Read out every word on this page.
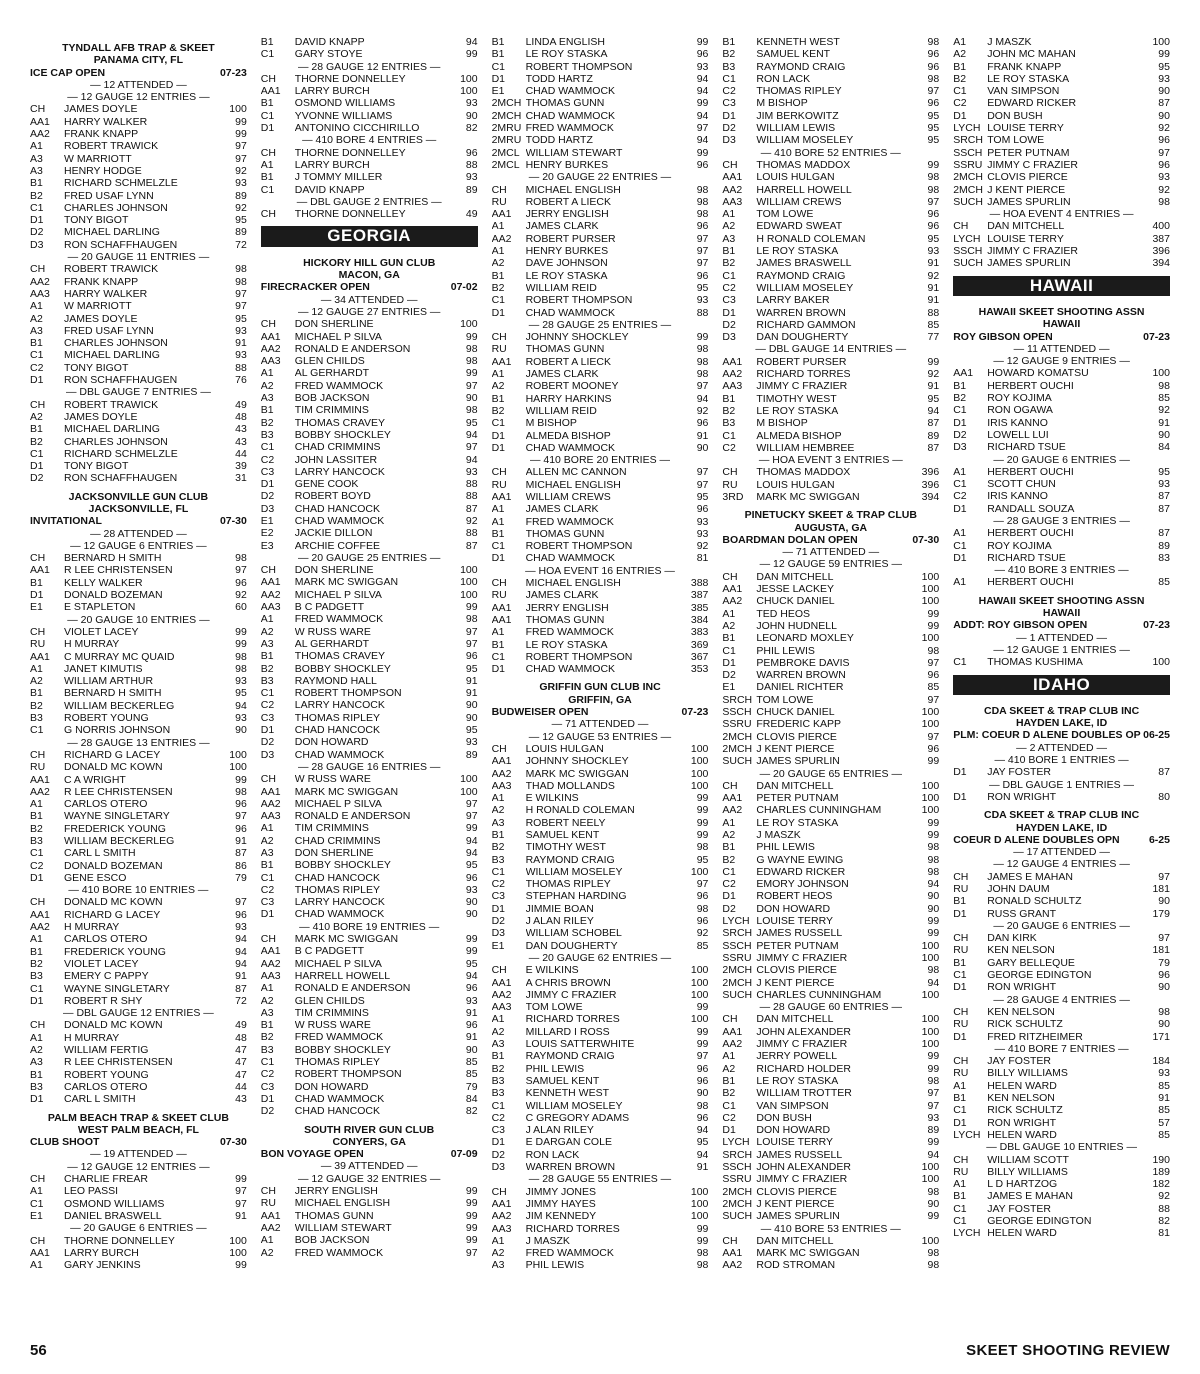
TYNDALL AFB TRAP & SKEET
PANAMA CITY, FL
ICE CAP OPEN	07-23
— 12 ATTENDED —
— 12 GAUGE 12 ENTRIES —
CH	JAMES DOYLE	100
AA1	HARRY WALKER	99
AA2	FRANK KNAPP	99
A1	ROBERT TRAWICK	97
A3	W MARRIOTT	97
A3	HENRY HODGE	92
B1	RICHARD SCHMELZLE	93
B2	FRED USAF LYNN	89
C1	CHARLES JOHNSON	92
D1	TONY BIGOT	95
D2	MICHAEL DARLING	89
D3	RON SCHAFFHAUGEN	72
— 20 GAUGE 11 ENTRIES —
CH	ROBERT TRAWICK	98
AA2	FRANK KNAPP	98
AA3	HARRY WALKER	97
A1	W MARRIOTT	97
A2	JAMES DOYLE	95
A3	FRED USAF LYNN	93
B1	CHARLES JOHNSON	91
C1	MICHAEL DARLING	93
C2	TONY BIGOT	88
D1	RON SCHAFFHAUGEN	76
— DBL GAUGE 7 ENTRIES —
CH	ROBERT TRAWICK	49
A2	JAMES DOYLE	48
B1	MICHAEL DARLING	43
B2	CHARLES JOHNSON	43
C1	RICHARD SCHMELZLE	44
D1	TONY BIGOT	39
D2	RON SCHAFFHAUGEN	31
JACKSONVILLE GUN CLUB
JACKSONVILLE, FL
INVITATIONAL	07-30
— 28 ATTENDED —
— 12 GAUGE 6 ENTRIES —
CH	BERNARD H SMITH	98
AA1	R LEE CHRISTENSEN	97
B1	KELLY WALKER	96
D1	DONALD BOZEMAN	92
E1	E STAPLETON	60
— 20 GAUGE 10 ENTRIES —
CH	VIOLET LACEY	99
RU	H MURRAY	99
AA1	C MURRAY MC QUAID	98
A1	JANET KIMUTIS	98
A2	WILLIAM ARTHUR	93
B1	BERNARD H SMITH	95
B2	WILLIAM BECKERLEG	94
B3	ROBERT YOUNG	93
C1	G NORRIS JOHNSON	90
— 28 GAUGE 13 ENTRIES —
CH	RICHARD G LACEY	100
RU	DONALD MC KOWN	100
AA1	C A WRIGHT	99
AA2	R LEE CHRISTENSEN	98
A1	CARLOS OTERO	96
B1	WAYNE SINGLETARY	97
B2	FREDERICK YOUNG	96
B3	WILLIAM BECKERLEG	91
C1	CARL L SMITH	87
C2	DONALD BOZEMAN	86
D1	GENE ESCO	79
— 410 BORE 10 ENTRIES —
CH	DONALD MC KOWN	97
AA1	RICHARD G LACEY	96
AA2	H MURRAY	93
A1	CARLOS OTERO	94
B1	FREDERICK YOUNG	94
B2	VIOLET LACEY	94
B3	EMERY C PAPPY	91
C1	WAYNE SINGLETARY	87
D1	ROBERT R SHY	72
— DBL GAUGE 12 ENTRIES —
CH	DONALD MC KOWN	49
A1	H MURRAY	48
A2	WILLIAM FERTIG	47
A3	R LEE CHRISTENSEN	47
B1	ROBERT YOUNG	47
B3	CARLOS OTERO	44
D1	CARL L SMITH	43
PALM BEACH TRAP & SKEET CLUB
WEST PALM BEACH, FL
CLUB SHOOT	07-30
— 19 ATTENDED —
— 12 GAUGE 12 ENTRIES —
CH	CHARLIE FREAR	99
A1	LEO PASSI	97
C1	OSMOND WILLIAMS	97
E1	DANIEL BRASWELL	91
— 20 GAUGE 6 ENTRIES —
CH	THORNE DONNELLEY	100
AA1	LARRY BURCH	100
A1	GARY JENKINS	99
B1	DAVID KNAPP	94
C1	GARY STOYE	99
— 28 GAUGE 12 ENTRIES —
CH	THORNE DONNELLEY	100
AA1	LARRY BURCH	100
B1	OSMOND WILLIAMS	93
C1	YVONNE WILLIAMS	90
D1	ANTONINO CICCHIRILLO	82
— 410 BORE 4 ENTRIES —
CH	THORNE DONNELLEY	96
A1	LARRY BURCH	88
B1	J TOMMY MILLER	93
C1	DAVID KNAPP	89
— DBL GAUGE 2 ENTRIES —
CH	THORNE DONNELLEY	49
GEORGIA
HICKORY HILL GUN CLUB
MACON, GA
FIRECRACKER OPEN	07-02
— 34 ATTENDED —
— 12 GAUGE 27 ENTRIES —
CH	DON SHERLINE	100
AA1	MICHAEL P SILVA	99
AA2	RONALD E ANDERSON	98
AA3	GLEN CHILDS	98
A1	AL GERHARDT	99
A2	FRED WAMMOCK	97
A3	BOB JACKSON	90
B1	TIM CRIMMINS	98
B2	THOMAS CRAVEY	95
B3	BOBBY SHOCKLEY	94
C1	CHAD CRIMMINS	97
C2	JOHN LASSITER	94
C3	LARRY HANCOCK	93
D1	GENE COOK	88
D2	ROBERT BOYD	88
D3	CHAD HANCOCK	87
E1	CHAD WAMMOCK	92
E2	JACKIE DILLON	88
E3	ARCHIE COFFEE	87
— 20 GAUGE 25 ENTRIES —
CH	DON SHERLINE	100
AA1	MARK MC SWIGGAN	100
AA2	MICHAEL P SILVA	100
AA3	B C PADGETT	99
A1	FRED WAMMOCK	98
A2	W RUSS WARE	97
A3	AL GERHARDT	97
B1	THOMAS CRAVEY	96
B2	BOBBY SHOCKLEY	95
B3	RAYMOND HALL	91
C1	ROBERT THOMPSON	91
C2	LARRY HANCOCK	90
C3	THOMAS RIPLEY	90
D1	CHAD HANCOCK	95
D2	DON HOWARD	93
D3	CHAD WAMMOCK	89
— 28 GAUGE 16 ENTRIES —
CH	W RUSS WARE	100
AA1	MARK MC SWIGGAN	100
AA2	MICHAEL P SILVA	97
AA3	RONALD E ANDERSON	97
A1	TIM CRIMMINS	99
A2	CHAD CRIMMINS	94
A3	DON SHERLINE	94
B1	BOBBY SHOCKLEY	95
C1	CHAD HANCOCK	96
C2	THOMAS RIPLEY	93
C3	LARRY HANCOCK	90
D1	CHAD WAMMOCK	90
— 410 BORE 19 ENTRIES —
CH	MARK MC SWIGGAN	99
AA1	B C PADGETT	99
AA2	MICHAEL P SILVA	95
AA3	HARRELL HOWELL	94
A1	RONALD E ANDERSON	96
A2	GLEN CHILDS	93
A3	TIM CRIMMINS	91
B1	W RUSS WARE	96
B2	FRED WAMMOCK	91
B3	BOBBY SHOCKLEY	90
C1	THOMAS RIPLEY	85
C2	ROBERT THOMPSON	85
C3	DON HOWARD	79
D1	CHAD WAMMOCK	84
D2	CHAD HANCOCK	82
SOUTH RIVER GUN CLUB
CONYERS, GA
BON VOYAGE OPEN	07-09
— 39 ATTENDED —
— 12 GAUGE 32 ENTRIES —
CH	JERRY ENGLISH	99
RU	MICHAEL ENGLISH	99
AA1	THOMAS GUNN	99
AA2	WILLIAM STEWART	99
A1	BOB JACKSON	99
A2	FRED WAMMOCK	97
B1	LINDA ENGLISH	99
B1	LE ROY STASKA	96
C1	ROBERT THOMPSON	93
D1	TODD HARTZ	94
E1	CHAD WAMMOCK	94
2MCH THOMAS GUNN	99
2MCH CHAD WAMMOCK	94
2MRU FRED WAMMOCK	97
2MRU TODD HARTZ	94
2MCL WILLIAM STEWART	99
2MCL HENRY BURKES	96
— 20 GAUGE 22 ENTRIES —
CH	MICHAEL ENGLISH	98
RU	ROBERT A LIECK	98
AA1	JERRY ENGLISH	98
A1	JAMES CLARK	96
AA2	ROBERT PURSER	97
A1	HENRY BURKES	97
A2	DAVE JOHNSON	97
B1	LE ROY STASKA	96
B2	WILLIAM REID	95
C1	ROBERT THOMPSON	93
D1	CHAD WAMMOCK	88
— 28 GAUGE 25 ENTRIES —
CH	JOHNNY SHOCKLEY	99
RU	THOMAS GUNN	98
AA1	ROBERT A LIECK	98
A1	JAMES CLARK	98
A2	ROBERT MOONEY	97
B1	HARRY HARKINS	94
B2	WILLIAM REID	92
C1	M BISHOP	96
D1	ALMEDA BISHOP	91
D1	CHAD WAMMOCK	90
— 410 BORE 20 ENTRIES —
CH	ALLEN MC CANNON	97
RU	MICHAEL ENGLISH	97
AA1	WILLIAM CREWS	95
A1	JAMES CLARK	96
A1	FRED WAMMOCK	93
B1	THOMAS GUNN	93
C1	ROBERT THOMPSON	92
D1	CHAD WAMMOCK	81
— HOA EVENT 16 ENTRIES —
CH	MICHAEL ENGLISH	388
RU	JAMES CLARK	387
AA1	JERRY ENGLISH	385
AA1	THOMAS GUNN	384
A1	FRED WAMMOCK	383
B1	LE ROY STASKA	369
C1	ROBERT THOMPSON	367
D1	CHAD WAMMOCK	353
GRIFFIN GUN CLUB INC
GRIFFIN, GA
BUDWEISER OPEN	07-23
— 71 ATTENDED —
— 12 GAUGE 53 ENTRIES —
CH	LOUIS HULGAN	100
AA1	JOHNNY SHOCKLEY	100
AA2	MARK MC SWIGGAN	100
AA3	THAD MOLLANDS	100
A1	E WILKINS	99
A2	H RONALD COLEMAN	99
A3	ROBERT NEELY	99
B1	SAMUEL KENT	99
B2	TIMOTHY WEST	98
B3	RAYMOND CRAIG	95
C1	WILLIAM MOSELEY	100
C2	THOMAS RIPLEY	97
C3	STEPHAN HARDING	96
D1	JIMMIE BOAN	98
D2	J ALAN RILEY	96
D3	WILLIAM SCHOBEL	92
E1	DAN DOUGHERTY	85
— 20 GAUGE 62 ENTRIES —
CH	E WILKINS	100
AA1	A CHRIS BROWN	100
AA2	JIMMY C FRAZIER	100
AA3	TOM LOWE	99
A1	RICHARD TORRES	100
A2	MILLARD I ROSS	99
A3	LOUIS SATTERWHITE	99
B1	RAYMOND CRAIG	97
B2	PHIL LEWIS	96
B3	SAMUEL KENT	96
B3	KENNETH WEST	90
C1	WILLIAM MOSELEY	98
C2	C GREGORY ADAMS	96
C3	J ALAN RILEY	94
D1	E DARGAN COLE	95
D2	RON LACK	94
D3	WARREN BROWN	91
— 28 GAUGE 55 ENTRIES —
CH	JIMMY JONES	100
AA1	JIMMY HAYES	100
AA2	JIM KENNEDY	100
AA3	RICHARD TORRES	99
A1	J MASZK	99
A2	FRED WAMMOCK	98
A3	PHIL LEWIS	98
B1	KENNETH WEST	98
B2	SAMUEL KENT	96
B3	RAYMOND CRAIG	96
C1	RON LACK	98
C2	THOMAS RIPLEY	97
C3	M BISHOP	96
D1	JIM BERKOWITZ	95
D2	WILLIAM LEWIS	95
D3	WILLIAM MOSELEY	95
— 410 BORE 52 ENTRIES —
CH	THOMAS MADDOX	99
AA1	LOUIS HULGAN	98
AA2	HARRELL HOWELL	98
AA3	WILLIAM CREWS	97
A1	TOM LOWE	96
A2	EDWARD SWEAT	96
A3	H RONALD COLEMAN	95
B1	LE ROY STASKA	93
B2	JAMES BRASWELL	91
C1	RAYMOND CRAIG	92
C2	WILLIAM MOSELEY	91
C3	LARRY BAKER	91
D1	WARREN BROWN	88
D2	RICHARD GAMMON	85
D3	DAN DOUGHERTY	77
— DBL GAUGE 14 ENTRIES —
AA1	ROBERT PURSER	99
AA2	RICHARD TORRES	92
AA3	JIMMY C FRAZIER	91
B1	TIMOTHY WEST	95
B2	LE ROY STASKA	94
B3	M BISHOP	87
C1	ALMEDA BISHOP	89
C2	WILLIAM HEMBREE	87
— HOA EVENT 3 ENTRIES —
CH	THOMAS MADDOX	396
RU	LOUIS HULGAN	396
3RD	MARK MC SWIGGAN	394
PINETUCKY SKEET & TRAP CLUB
AUGUSTA, GA
BOARDMAN DOLAN OPEN	07-30
— 71 ATTENDED —
— 12 GAUGE 59 ENTRIES —
CH	DAN MITCHELL	100
AA1	JESSE LACKEY	100
AA2	CHUCK DANIEL	100
A1	TED HEOS	99
A2	JOHN HUDNELL	99
B1	LEONARD MOXLEY	100
C1	PHIL LEWIS	98
D1	PEMBROKE DAVIS	97
D2	WARREN BROWN	96
E1	DANIEL RICHTER	85
SRCH TOM LOWE	97
SSCH CHUCK DANIEL	100
SSRU FREDERIC KAPP	100
2MCH CLOVIS PIERCE	97
2MCH J KENT PIERCE	96
SUCH JAMES SPURLIN	99
— 20 GAUGE 65 ENTRIES —
CH	DAN MITCHELL	100
AA1	PETER PUTNAM	100
AA2	CHARLES CUNNINGHAM	100
A1	LE ROY STASKA	99
A2	J MASZK	99
B1	PHIL LEWIS	98
B2	G WAYNE EWING	98
C1	EDWARD RICKER	98
C2	EMORY JOHNSON	94
D1	ROBERT HEOS	90
D2	DON HOWARD	90
LYCH LOUISE TERRY	99
SRCH JAMES RUSSELL	99
SSCH PETER PUTNAM	100
SSRU JIMMY C FRAZIER	100
2MCH CLOVIS PIERCE	98
2MCH J KENT PIERCE	94
SUCH CHARLES CUNNINGHAM	100
— 28 GAUGE 60 ENTRIES —
CH	DAN MITCHELL	100
AA1	JOHN ALEXANDER	100
AA2	JIMMY C FRAZIER	100
A1	JERRY POWELL	99
A2	RICHARD HOLDER	99
B1	LE ROY STASKA	98
B2	WILLIAM TROTTER	97
C1	VAN SIMPSON	97
C2	DON BUSH	93
D1	DON HOWARD	89
LYCH LOUISE TERRY	99
SRCH JAMES RUSSELL	94
SSCH JOHN ALEXANDER	100
SSRU JIMMY C FRAZIER	100
2MCH CLOVIS PIERCE	98
2MCH J KENT PIERCE	90
SUCH JAMES SPURLIN	99
— 410 BORE 53 ENTRIES —
CH	DAN MITCHELL	100
AA1	MARK MC SWIGGAN	98
AA2	ROD STROMAN	98
A1	J MASZK	100
A2	JOHN MC MAHAN	99
B1	FRANK KNAPP	95
B2	LE ROY STASKA	93
C1	VAN SIMPSON	90
C2	EDWARD RICKER	87
D1	DON BUSH	90
LYCH LOUISE TERRY	92
SRCH TOM LOWE	96
SSCH PETER PUTNAM	97
SSRU JIMMY C FRAZIER	96
2MCH CLOVIS PIERCE	93
2MCH J KENT PIERCE	92
SUCH JAMES SPURLIN	98
— HOA EVENT 4 ENTRIES —
CH	DAN MITCHELL	400
LYCH LOUISE TERRY	387
SSCH JIMMY C FRAZIER	396
SUCH JAMES SPURLIN	394
HAWAII
HAWAII SKEET SHOOTING ASSN
HAWAII
ROY GIBSON OPEN	07-23
— 11 ATTENDED —
— 12 GAUGE 9 ENTRIES —
AA1	HOWARD KOMATSU	100
B1	HERBERT OUCHI	98
B2	ROY KOJIMA	85
C1	RON OGAWA	92
D1	IRIS KANNO	91
D2	LOWELL LUI	90
D3	RICHARD TSUE	84
— 20 GAUGE 6 ENTRIES —
A1	HERBERT OUCHI	95
C1	SCOTT CHUN	93
C2	IRIS KANNO	87
D1	RANDALL SOUZA	87
— 28 GAUGE 3 ENTRIES —
A1	HERBERT OUCHI	87
C1	ROY KOJIMA	89
D1	RICHARD TSUE	83
— 410 BORE 3 ENTRIES —
A1	HERBERT OUCHI	85
HAWAII SKEET SHOOTING ASSN
HAWAII
ADDT: ROY GIBSON OPEN	07-23
— 1 ATTENDED —
— 12 GAUGE 1 ENTRIES —
C1	THOMAS KUSHIMA	100
IDAHO
CDA SKEET & TRAP CLUB INC
HAYDEN LAKE, ID
PLM: COEUR D ALENE DOUBLES OP 06-25
— 2 ATTENDED —
— 410 BORE 1 ENTRIES —
D1	JAY FOSTER	87
— DBL GAUGE 1 ENTRIES —
D1	RON WRIGHT	80
CDA SKEET & TRAP CLUB INC
HAYDEN LAKE, ID
COEUR D ALENE DOUBLES OPN	6-25
— 17 ATTENDED —
— 12 GAUGE 4 ENTRIES —
CH	JAMES E MAHAN	97
RU	JOHN DAUM	181
B1	RONALD SCHULTZ	90
D1	RUSS GRANT	179
— 20 GAUGE 6 ENTRIES —
CH	DAN KIRK	97
RU	KEN NELSON	181
B1	GARY BELLEQUE	79
C1	GEORGE EDINGTON	96
D1	RON WRIGHT	90
— 28 GAUGE 4 ENTRIES —
CH	KEN NELSON	98
RU	RICK SCHULTZ	90
D1	FRED RITZHEIMER	171
— 410 BORE 7 ENTRIES —
CH	JAY FOSTER	184
RU	BILLY WILLIAMS	93
A1	HELEN WARD	85
B1	KEN NELSON	91
C1	RICK SCHULTZ	85
D1	RON WRIGHT	57
LYCH HELEN WARD	85
— DBL GAUGE 10 ENTRIES —
CH	WILLIAM SCOTT	190
RU	BILLY WILLIAMS	189
A1	L D HARTZOG	182
B1	JAMES E MAHAN	92
C1	JAY FOSTER	88
C1	GEORGE EDINGTON	82
LYCH HELEN WARD	81
56	SKEET SHOOTING REVIEW
